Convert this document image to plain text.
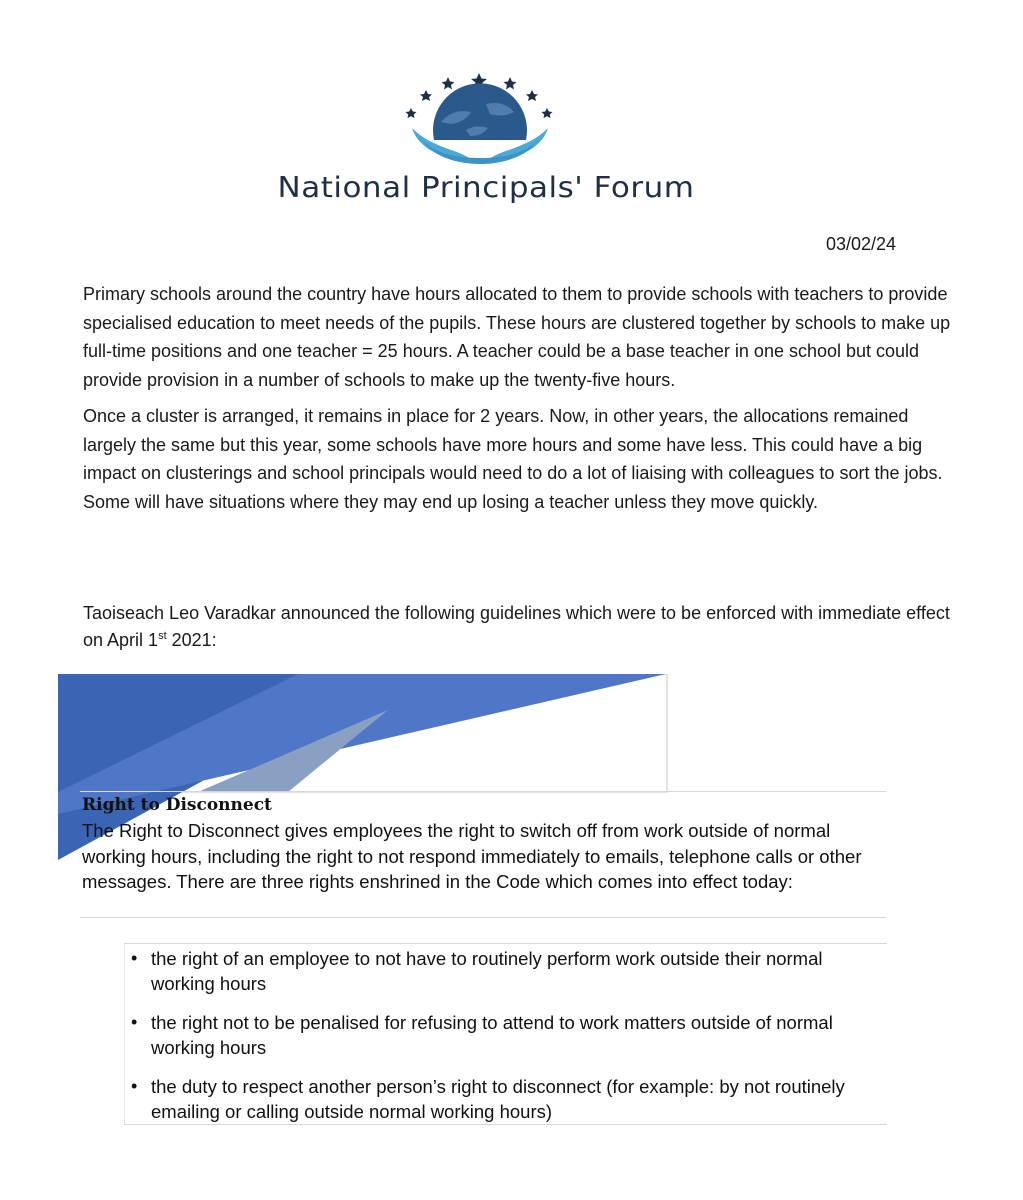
National Principals' Forum
03/02/24

Primary schools around the country have hours allocated to them to provide schools with teachers to provide specialised education to meet needs of the pupils. These hours are clustered together by schools to make up full-time positions and one teacher = 25 hours. A teacher could be a base teacher in one school but could provide provision in a number of schools to make up the twenty-five hours.

Once a cluster is arranged, it remains in place for 2 years. Now, in other years, the allocations remained largely the same but this year, some schools have more hours and some have less. This could have a big impact on clusterings and school principals would need to do a lot of liaising with colleagues to sort the jobs. Some will have situations where they may end up losing a teacher unless they move quickly.

Taoiseach Leo Varadkar announced the following guidelines which were to be enforced with immediate effect on April 1st 2021:

Right to Disconnect

The Right to Disconnect gives employees the right to switch off from work outside of normal working hours, including the right to not respond immediately to emails, telephone calls or other messages. There are three rights enshrined in the Code which comes into effect today:

• the right of an employee to not have to routinely perform work outside their normal working hours
• the right not to be penalised for refusing to attend to work matters outside of normal working hours
• the duty to respect another person’s right to disconnect (for example: by not routinely emailing or calling outside normal working hours)
